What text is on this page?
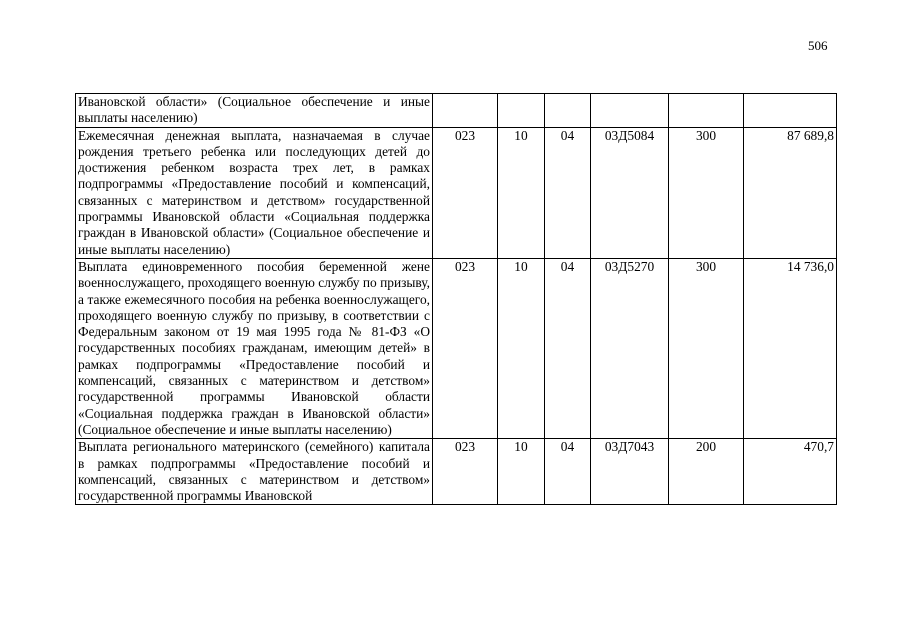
506
Ивановской области» (Социальное обеспечение и иные выплаты населению)						
Ежемесячная денежная выплата, назначаемая в случае рождения третьего ребенка или последующих детей до достижения ребенком возраста трех лет, в рамках подпрограммы «Предоставление пособий и компенсаций, связанных с материнством и детством» государственной программы Ивановской области «Социальная поддержка граждан в Ивановской области» (Социальное обеспечение и иные выплаты населению)	023	10	04	03Д5084	300	87 689,8
Выплата единовременного пособия беременной жене военнослужащего, проходящего военную службу по призыву, а также ежемесячного пособия на ребенка военнослужащего, проходящего военную службу по призыву, в соответствии с Федеральным законом от 19 мая 1995 года № 81-ФЗ «О государственных пособиях гражданам, имеющим детей» в рамках подпрограммы «Предоставление пособий и компенсаций, связанных с материнством и детством» государственной программы Ивановской области «Социальная поддержка граждан в Ивановской области» (Социальное обеспечение и иные выплаты населению)	023	10	04	03Д5270	300	14 736,0
Выплата регионального материнского (семейного) капитала в рамках подпрограммы «Предоставление пособий и компенсаций, связанных с материнством и детством» государственной программы Ивановской	023	10	04	03Д7043	200	470,7
